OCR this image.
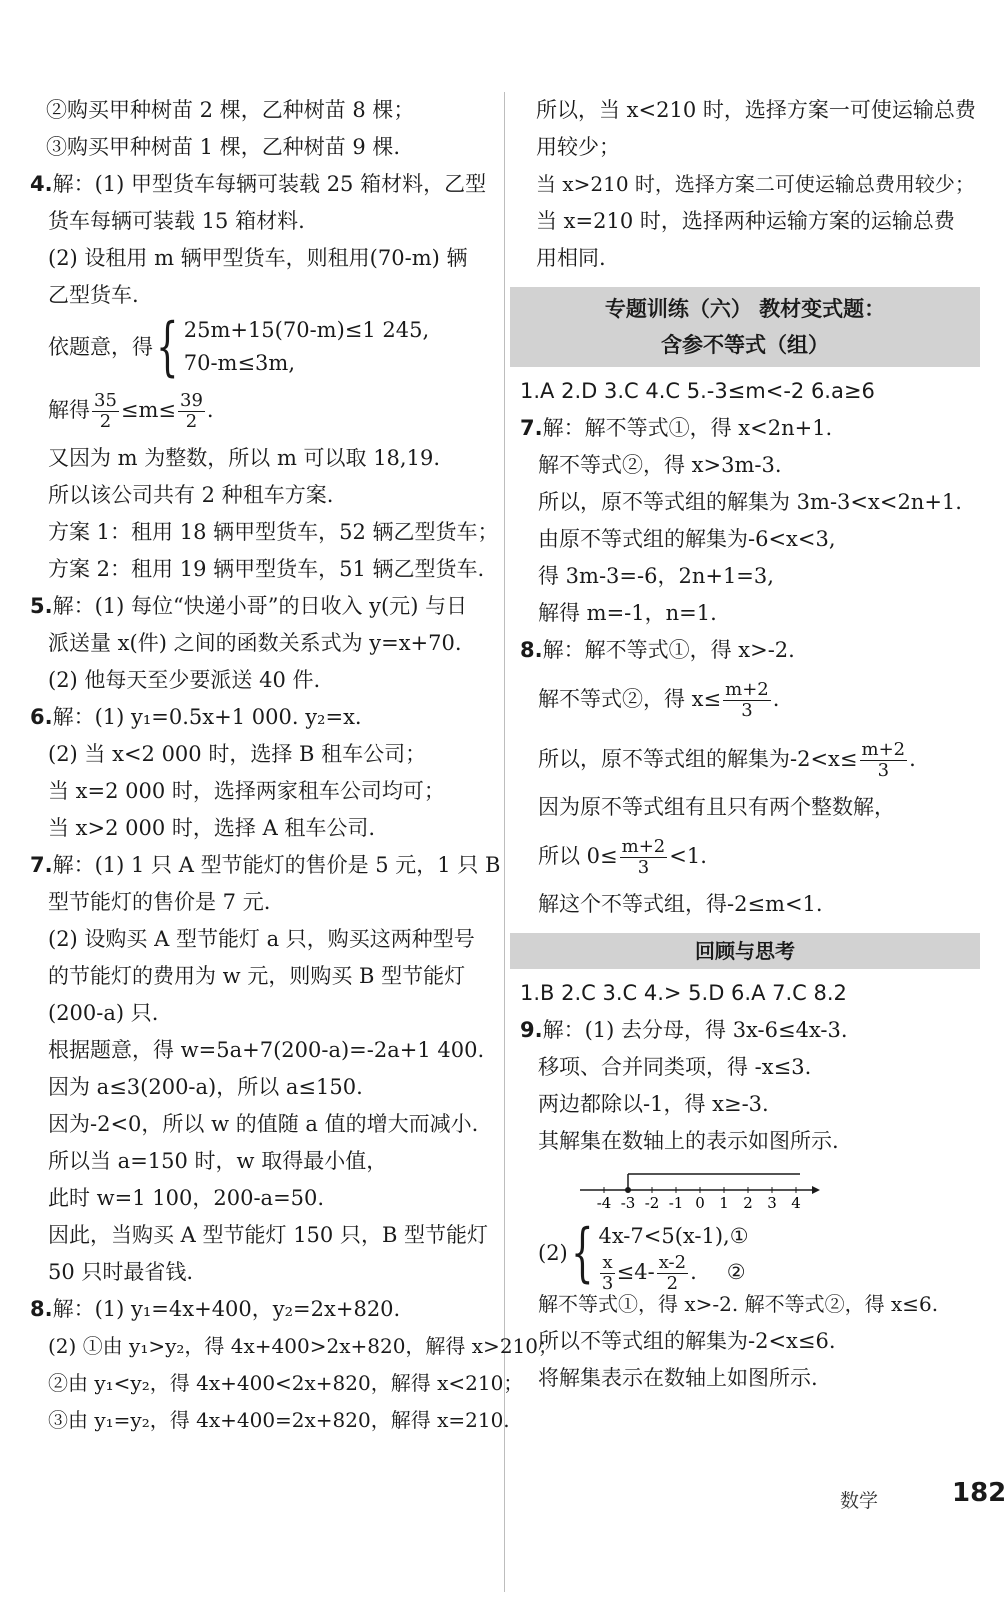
②购买甲种树苗 2 棵，乙种树苗 8 棵；
③购买甲种树苗 1 棵，乙种树苗 9 棵.
4.解：(1) 甲型货车每辆可装载 25 箱材料，乙型
货车每辆可装载 15 箱材料.
(2) 设租用 m 辆甲型货车，则租用(70-m) 辆
乙型货车.
依题意，得 { 25m+15(70-m)≤1 245,
70-m≤3m,
解得 $\frac{35}{2} \le m\le \frac{39}{2}$ .
又因为 m 为整数，所以 m 可以取 18,19.
所以该公司共有 2 种租车方案.
方案 1：租用 18 辆甲型货车，52 辆乙型货车；
方案 2：租用 19 辆甲型货车，51 辆乙型货车.
5.解：(1) 每位“快递小哥”的日收入 y(元) 与日
派送量 x(件) 之间的函数关系式为 y=x+70.
(2) 他每天至少要派送 40 件.
6.解：(1) y₁=0.5x+1 000. y₂=x.
(2) 当 x<2 000 时，选择 B 租车公司；
当 x=2 000 时，选择两家租车公司均可；
当 x>2 000 时，选择 A 租车公司.
7.解：(1) 1 只 A 型节能灯的售价是 5 元，1 只 B
型节能灯的售价是 7 元.
(2) 设购买 A 型节能灯 a 只，购买这两种型号
的节能灯的费用为 w 元，则购买 B 型节能灯
(200-a) 只.
根据题意，得 w=5a+7(200-a)=-2a+1 400.
因为 a≤3(200-a)，所以 a≤150.
因为-2<0，所以 w 的值随 a 值的增大而减小.
所以当 a=150 时，w 取得最小值，
此时 w=1 100，200-a=50.
因此，当购买 A 型节能灯 150 只，B 型节能灯
50 只时最省钱.
8.解：(1) y₁=4x+400，y₂=2x+820.
(2) ①由 y₁>y₂，得 4x+400>2x+820，解得 x>210；
②由 y₁<y₂，得 4x+400<2x+820，解得 x<210；
③由 y₁=y₂，得 4x+400=2x+820，解得 x=210.
所以，当 x<210 时，选择方案一可使运输总费
用较少；
当 x>210 时，选择方案二可使运输总费用较少；
当 x=210 时，选择两种运输方案的运输总费
用相同.
专题训练（六） 教材变式题：
含参不等式（组）
1.A 2.D 3.C 4.C 5.-3≤m<-2 6.a≥6
7.解：解不等式①，得 x<2n+1.
解不等式②，得 x>3m-3.
所以，原不等式组的解集为 3m-3<x<2n+1.
由原不等式组的解集为-6<x<3,
得 3m-3=-6，2n+1=3,
解得 m=-1，n=1.
8.解：解不等式①，得 x>-2.
解不等式②，得 $x\le \frac{m+2}{3}$ .
所以，原不等式组的解集为$-2<x\le \frac{m+2}{3}$ .
因为原不等式组有且只有两个整数解，
所以 $0\le \frac{m+2}{3} <1$.
解这个不等式组，得-2≤m<1.
回顾与思考
1.B 2.C 3.C 4.> 5.D 6.A 7.C 8.2
9.解：(1) 去分母，得 3x-6≤4x-3.
移项、合并同类项，得 -x≤3.
两边都除以-1，得 x≥-3.
其解集在数轴上的表示如图所示.
-4 -3 -2 -1 0 1 2 3 4
(2) { 4x-7<5(x-1),①
$\frac{x}{3} \le 4- \frac{x-2}{2}$ . ②
解不等式①，得 x>-2. 解不等式②，得 x≤6.
所以不等式组的解集为-2<x≤6.
将解集表示在数轴上如图所示.
数学	182
